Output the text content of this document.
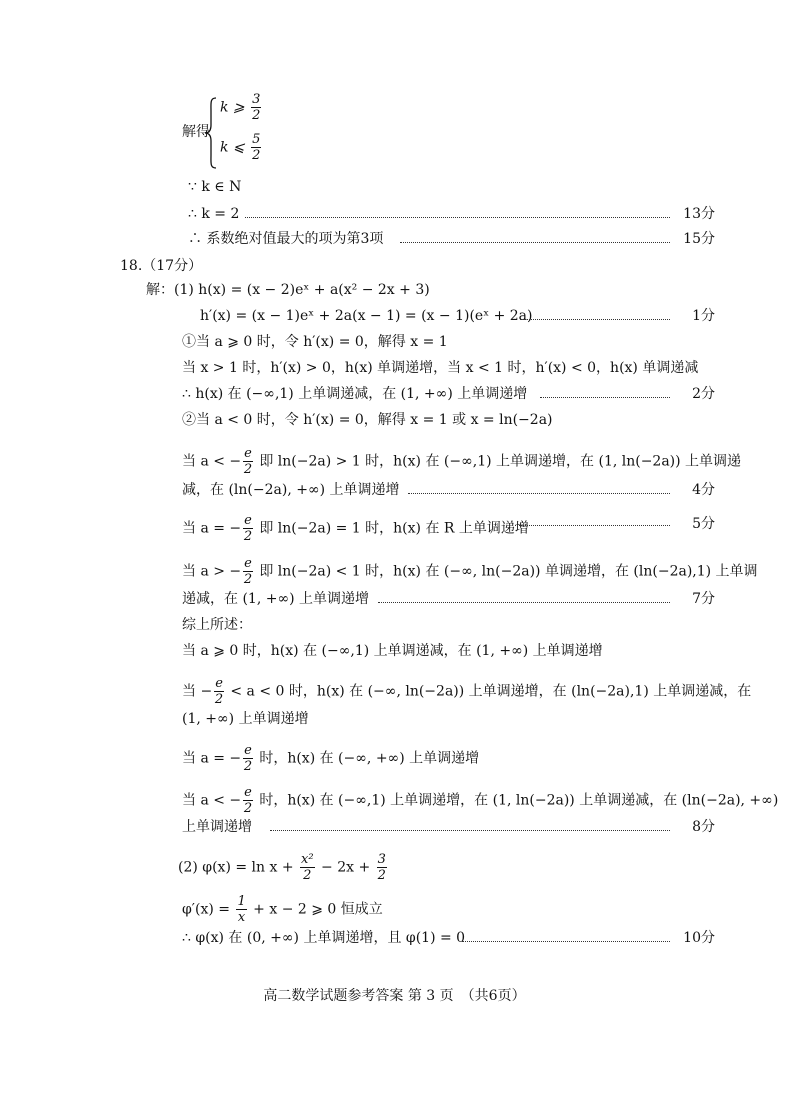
解得
k ⩾ $\frac{3}{2}$
k ⩽ $\frac{5}{2}$
∵ k ∈ N
∴ k = 2	13分
∴ 系数绝对值最大的项为第3项	15分
18.（17分）
解：(1) h(x) = (x − 2)eˣ + a(x² − 2x + 3)
h′(x) = (x − 1)eˣ + 2a(x − 1) = (x − 1)(eˣ + 2a)	1分
①当 a ⩾ 0 时，令 h′(x) = 0，解得 x = 1
当 x > 1 时，h′(x) > 0，h(x) 单调递增，当 x < 1 时，h′(x) < 0，h(x) 单调递减
∴ h(x) 在 (−∞,1) 上单调递减，在 (1, +∞) 上单调递增	2分
②当 a < 0 时，令 h′(x) = 0，解得 x = 1 或 x = ln(−2a)
当 a < − $\frac{e}{2}$ 即 ln(−2a) > 1 时，h(x) 在 (−∞,1) 上单调递增，在 (1, ln(−2a)) 上单调递
减，在 (ln(−2a), +∞) 上单调递增	4分
当 a = − $\frac{e}{2}$ 即 ln(−2a) = 1 时，h(x) 在 R 上单调递增	5分
当 a > − $\frac{e}{2}$ 即 ln(−2a) < 1 时，h(x) 在 (−∞, ln(−2a)) 单调递增，在 (ln(−2a),1) 上单调
递减，在 (1, +∞) 上单调递增	7分
综上所述：
当 a ⩾ 0 时，h(x) 在 (−∞,1) 上单调递减，在 (1, +∞) 上单调递增
当 − $\frac{e}{2} < a < 0$ 时，h(x) 在 (−∞, ln(−2a)) 上单调递增，在 (ln(−2a),1) 上单调递减，在
(1, +∞) 上单调递增
当 a = − $\frac{e}{2}$ 时，h(x) 在 (−∞, +∞) 上单调递增
当 a < − $\frac{e}{2}$ 时，h(x) 在 (−∞,1) 上单调递增，在 (1, ln(−2a)) 上单调递减，在 (ln(−2a), +∞)
上单调递增	8分
(2) $\varphi(x) = \ln x + \frac{\text{x²}}{2} - 2x + \frac{3}{2}$
$\varphi'(x) = \frac{1}{x} + x - 2$ ⩾ 0 恒成立
∴ φ(x) 在 (0, +∞) 上单调递增，且 φ(1) = 0	10分
高二数学试题参考答案 第 3 页　（共6页）
